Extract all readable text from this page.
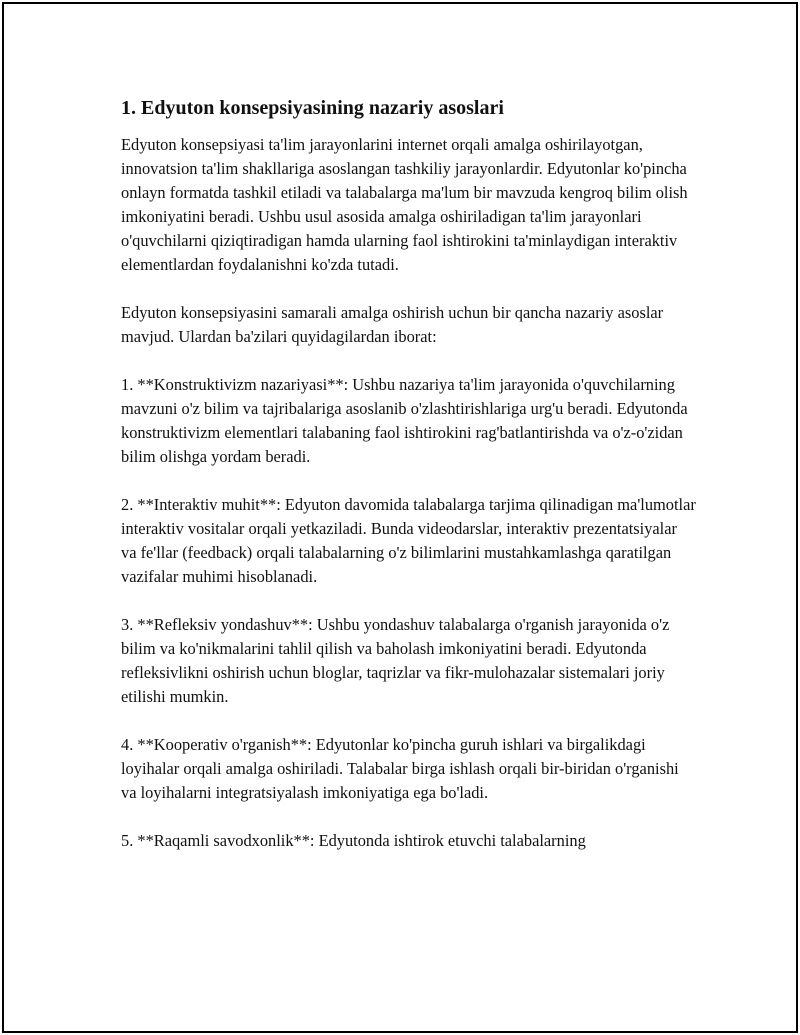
1. Edyuton konsepsiyasining nazariy asoslari

Edyuton konsepsiyasi ta'lim jarayonlarini internet orqali amalga oshirilayotgan, innovatsion ta'lim shakllariga asoslangan tashkiliy jarayonlardir. Edyutonlar ko'pincha onlayn formatda tashkil etiladi va talabalarga ma'lum bir mavzuda kengroq bilim olish imkoniyatini beradi. Ushbu usul asosida amalga oshiriladigan ta'lim jarayonlari o'quvchilarni qiziqtiradigan hamda ularning faol ishtirokini ta'minlaydigan interaktiv elementlardan foydalanishni ko'zda tutadi.

Edyuton konsepsiyasini samarali amalga oshirish uchun bir qancha nazariy asoslar mavjud. Ulardan ba'zilari quyidagilardan iborat:

1. **Konstruktivizm nazariyasi**: Ushbu nazariya ta'lim jarayonida o'quvchilarning mavzuni o'z bilim va tajribalariga asoslanib o'zlashtirishlariga urg'u beradi. Edyutonda konstruktivizm elementlari talabaning faol ishtirokini rag'batlantirishda va o'z-o'zidan bilim olishga yordam beradi.

2. **Interaktiv muhit**: Edyuton davomida talabalarga tarjima qilinadigan ma'lumotlar interaktiv vositalar orqali yetkaziladi. Bunda videodarslar, interaktiv prezentatsiyalar va fe'llar (feedback) orqali talabalarning o'z bilimlarini mustahkamlashga qaratilgan vazifalar muhimi hisoblanadi.

3. **Refleksiv yondashuv**: Ushbu yondashuv talabalarga o'rganish jarayonida o'z bilim va ko'nikmalarini tahlil qilish va baholash imkoniyatini beradi. Edyutonda refleksivlikni oshirish uchun bloglar, taqrizlar va fikr-mulohazalar sistemalari joriy etilishi mumkin.

4. **Kooperativ o'rganish**: Edyutonlar ko'pincha guruh ishlari va birgalikdagi loyihalar orqali amalga oshiriladi. Talabalar birga ishlash orqali bir-biridan o'rganishi va loyihalarni integratsiyalash imkoniyatiga ega bo'ladi.

5. **Raqamli savodxonlik**: Edyutonda ishtirok etuvchi talabalarning
